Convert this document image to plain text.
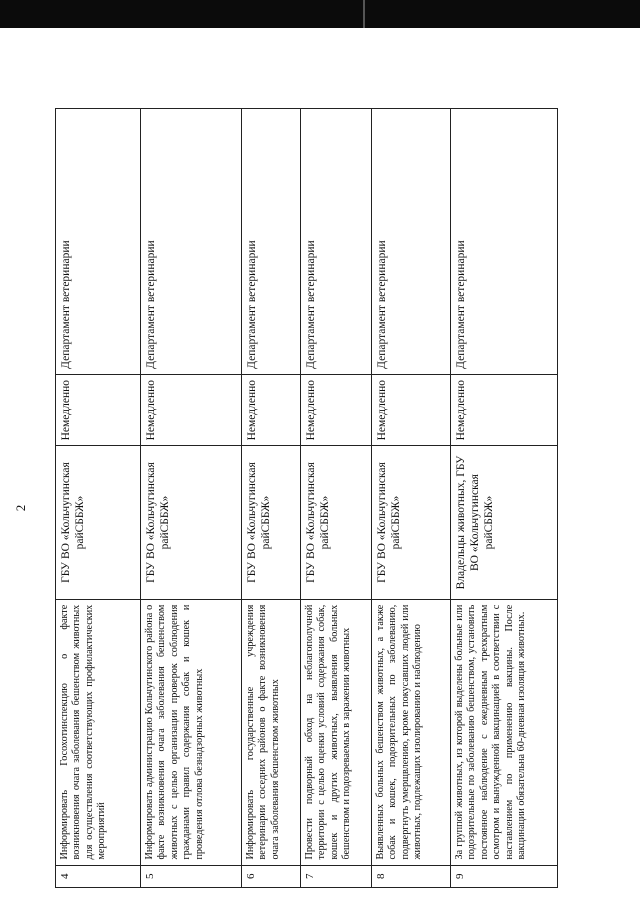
2
4	Информировать Госохотинспекцию о факте возникновения очага заболевания бешенством животных для осуществления соответствующих профилактических мероприятий	ГБУ ВО «Кольчугинская райСББЖ»	Немедленно	Департамент ветеринарии
5	Информировать администрацию Кольчугинского района о факте возникновения очага заболевания бешенством животных с целью организации проверок соблюдения гражданами правил содержания собак и кошек и проведения отлова безнадзорных животных	ГБУ ВО «Кольчугинская райСББЖ»	Немедленно	Департамент ветеринарии
6	Информировать государственные учреждения ветеринарии соседних районов о факте возникновения очага заболевания бешенством животных	ГБУ ВО «Кольчугинская райСББЖ»	Немедленно	Департамент ветеринарии
7	Провести подворный обход на неблагополучной территории с целью оценки условий содержания собак, кошек и других животных, выявления больных бешенством и подозреваемых в заражении животных	ГБУ ВО «Кольчугинская райСББЖ»	Немедленно	Департамент ветеринарии
8	Выявленных больных бешенством животных, а также собак и кошек, подозрительных по заболеванию, подвергнуть умерщвлению, кроме покусавших людей или животных, подлежащих изолированию и наблюдению	ГБУ ВО «Кольчугинская райСББЖ»	Немедленно	Департамент ветеринарии
9	За группой животных, из которой выделены больные или подозрительные по заболеванию бешенством, установить постоянное наблюдение с ежедневным трехкратным осмотром и вынужденной вакцинацией в соответствии с наставлением по применению вакцины. После вакцинации обязательна 60-дневная изоляция животных.	Владельцы животных, ГБУ ВО «Кольчугинская райСББЖ»	Немедленно	Департамент ветеринарии
